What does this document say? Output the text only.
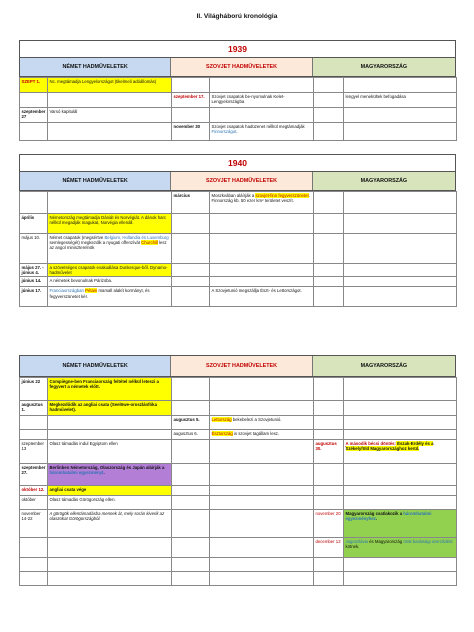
II. Világháború kronológia
1939
NÉMET HADMŰVELETEK	SZOVJET HADMŰVELETEK	MAGYARORSZÁG
SZEPT 1.	Nc. megtámadja Lengyelországot (tikelmeli adóállomás)				
		szeptember 17.	Szovjet csapatok be-nyomulnak Kelet-Lengyelországba		lengyel menekültek befogadása
szeptember 27	Varsó kapitulál				
		november 30	Szovjet csapatok hadüzenet nélkül megtámadják Finnországot.		
1940
NÉMET HADMŰVELETEK	SZOVJET HADMŰVELETEK	MAGYARORSZÁG
		március	Moszkvában aláírják a szovjet-finn fegyverszünetet. Finnország kb. 50 ezer km² területet veszít.		
április	Németország megtámadja Dániát és Norvégiát. A dánok harc nélkül megadják magukat, Norvégia ellenáll.				
május 10.	Német csapatok (megsértve Belgium, Hollandia és Luxemburg semlegességét) megkezdik a nyugati offenzívát Churchill lesz az angol miniszterelnök				
május 27. - június 4.	a szövetséges csapatok evakuálása Dunkerque-ből. Dynamo-hadművelet				
június 14.	A németek bevonulnak Párizsba.				
június 17.	Franciaországban Pétain marsall alakít kormányt, és fegyverszünetet kér.		A Szovjetunió megszállja Észt- és Lettországot.		
NÉMET HADMŰVELETEK	SZOVJET HADMŰVELETEK	MAGYARORSZÁG
június 22	Compiègne-ben Franciaország feltétel nélkül leteszi a fegyvert a németek előtt.				
augusztus 1.	Megkezdődik az angliai csata (Seelöwe-oroszlánfóka hadművelet).				
		augusztus 5.	Lettország bekebelezi a Szovjetunió.		
		augusztus 6.	Észtország is szovjet tagállam lesz.		
szeptember 13	Olasz támadás indul Egyiptom ellen			augusztus 30.	A második bécsi döntés: Észak-Erdély és a Székelyföld Magyarországhoz kerül.
szeptember 27.	Berlinben Németország, Olaszország és Japán aláírják a háromhatalmi egyezményt.				
október 12.	angliai csata vége				
október	Olasz támadás Görögország ellen.				
november 14-22	A görögök ellentámadásba mennek át, mely során kiverik az olaszokat Görögországból.			november 20	Magyarország csatlakozik a háromhatalmi egyezményhez.
				december 12	Jugoszlávia és Magyarország örök barátsági szerződést kötnek.
